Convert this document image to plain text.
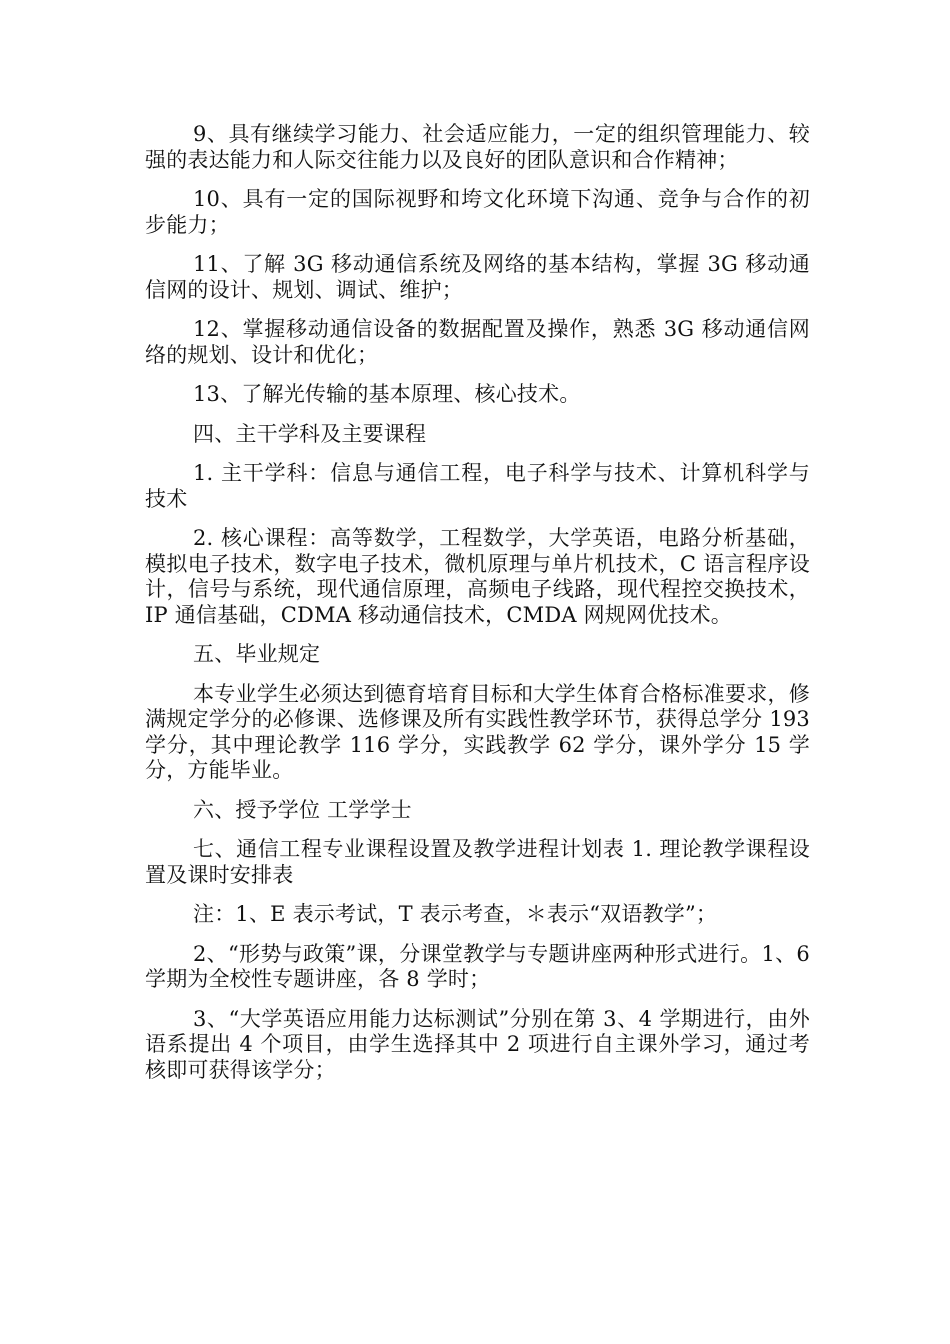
9、具有继续学习能力、社会适应能力，一定的组织管理能力、较强的表达能力和人际交往能力以及良好的团队意识和合作精神；

10、具有一定的国际视野和垮文化环境下沟通、竞争与合作的初步能力；

11、了解 3G 移动通信系统及网络的基本结构，掌握 3G 移动通信网的设计、规划、调试、维护；

12、掌握移动通信设备的数据配置及操作，熟悉 3G 移动通信网络的规划、设计和优化；

13、了解光传输的基本原理、核心技术。

四、主干学科及主要课程

1. 主干学科：信息与通信工程，电子科学与技术、计算机科学与技术

2. 核心课程：高等数学，工程数学，大学英语，电路分析基础，模拟电子技术，数字电子技术，微机原理与单片机技术，C 语言程序设计，信号与系统，现代通信原理，高频电子线路，现代程控交换技术，IP 通信基础，CDMA 移动通信技术，CMDA 网规网优技术。

五、毕业规定

本专业学生必须达到德育培育目标和大学生体育合格标准要求，修满规定学分的必修课、选修课及所有实践性教学环节，获得总学分 193 学分，其中理论教学 116 学分，实践教学 62 学分，课外学分 15 学分，方能毕业。

六、授予学位 工学学士

七、通信工程专业课程设置及教学进程计划表 1. 理论教学课程设置及课时安排表

注：1、E 表示考试，T 表示考查，＊表示“双语教学”；

2、“形势与政策”课，分课堂教学与专题讲座两种形式进行。1、6 学期为全校性专题讲座，各 8 学时；

3、“大学英语应用能力达标测试”分别在第 3、4 学期进行，由外语系提出 4 个项目，由学生选择其中 2 项进行自主课外学习，通过考核即可获得该学分；
